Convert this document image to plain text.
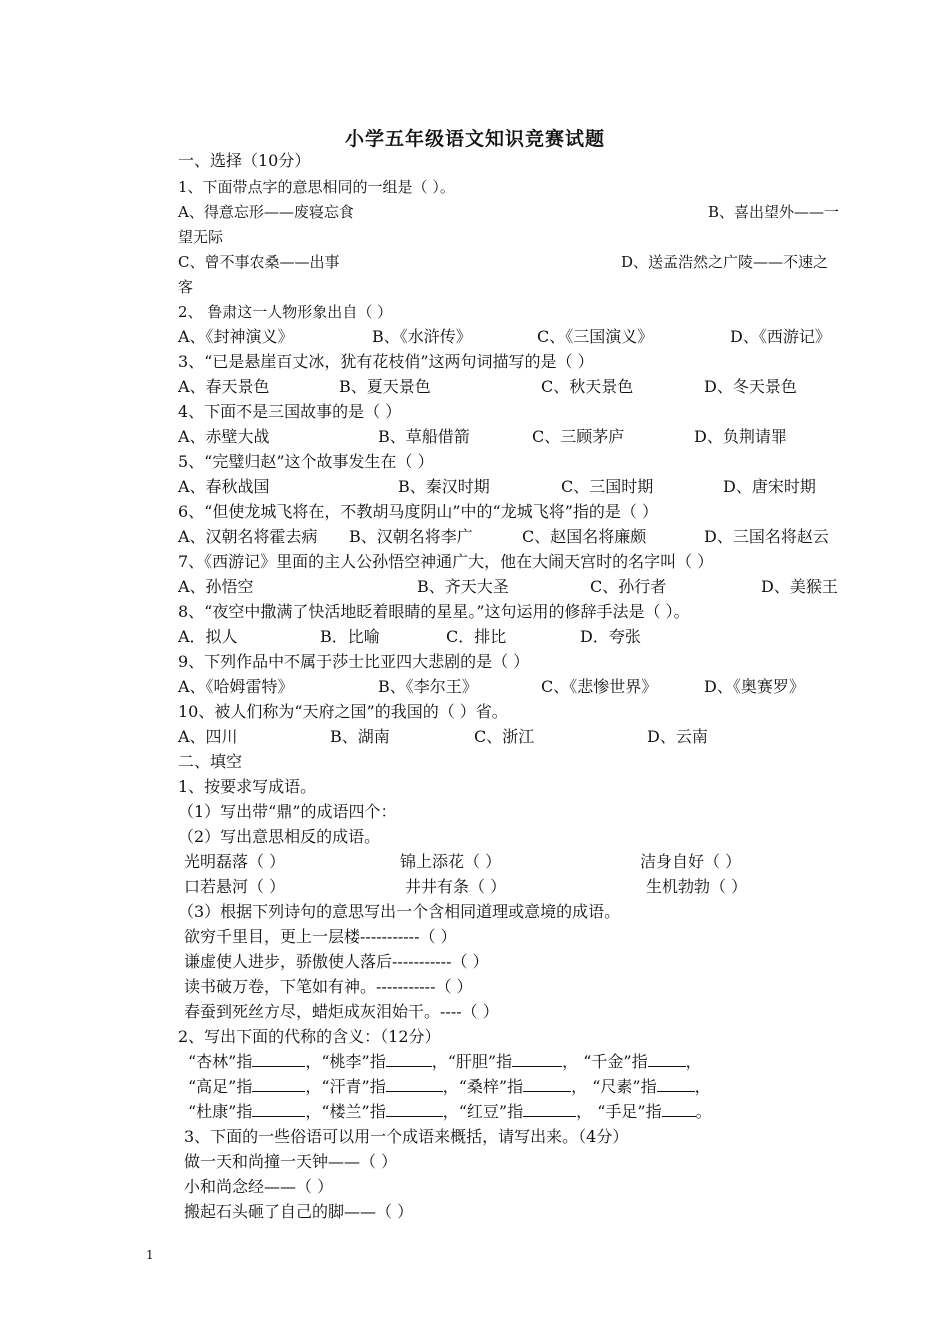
小学五年级语文知识竞赛试题
一、选择（10分）
1、下面带点字的意思相同的一组是（ ）。
A、得意忘形——废寝忘食	B、喜出望外——一
望无际
C、曾不事农桑——出事	D、送孟浩然之广陵——不速之
客
2、 鲁肃这一人物形象出自（ ）
A、《封神演义》	B、《水浒传》	C、《三国演义》	D、《西游记》
3、“已是悬崖百丈冰，犹有花枝俏”这两句词描写的是（ ）
A、春天景色	B、夏天景色	C、秋天景色	D、冬天景色
4、下面不是三国故事的是（ ）
A、赤壁大战	B、草船借箭	C、三顾茅庐	D、负荆请罪
5、“完璧归赵”这个故事发生在（ ）
A、春秋战国	B、秦汉时期	C、三国时期	D、唐宋时期
6、“但使龙城飞将在，不教胡马度阴山”中的“龙城飞将”指的是（ ）
A、汉朝名将霍去病 B、汉朝名将李广	C、赵国名将廉颇	D、三国名将赵云
7、《西游记》里面的主人公孙悟空神通广大，他在大闹天宫时的名字叫（ ）
A、孙悟空	B、齐天大圣	C、孙行者	D、美猴王
8、“夜空中撒满了快活地眨着眼睛的星星。”这句运用的修辞手法是（ ）。
A．拟人	B．比喻	C．排比	D．夸张
9、下列作品中不属于莎士比亚四大悲剧的是（ ）
A、《哈姆雷特》	B、《李尔王》	C、《悲惨世界》	D、《奥赛罗》
10、被人们称为“天府之国”的我国的（ ）省。
A、四川	B、湖南	C、浙江	D、云南
二、填空
1、按要求写成语。
（1）写出带“鼎”的成语四个：
（2）写出意思相反的成语。
光明磊落（ ）	锦上添花（ ）	洁身自好（ ）
口若悬河（ ）	井井有条（ ）	生机勃勃（ ）
（3）根据下列诗句的意思写出一个含相同道理或意境的成语。
欲穷千里目，更上一层楼-----------（ ）
谦虚使人进步，骄傲使人落后-----------（ ）
读书破万卷，下笔如有神。-----------（ ）
春蚕到死丝方尽，蜡炬成灰泪始干。----（ ）
2、写出下面的代称的含义：（12分）
“杏林”指	，“桃李”指	，“肝胆”指	， “千金”指 ，
“高足”指	，“汗青”指	，“桑梓”指	， “尺素”指 ，
“杜康”指	，“楼兰”指	，“红豆”指	， “手足”指 。
3、下面的一些俗语可以用一个成语来概括，请写出来。（4分）
做一天和尚撞一天钟——（ ）
小和尚念经——（ ）
搬起石头砸了自己的脚——（ ）
1
